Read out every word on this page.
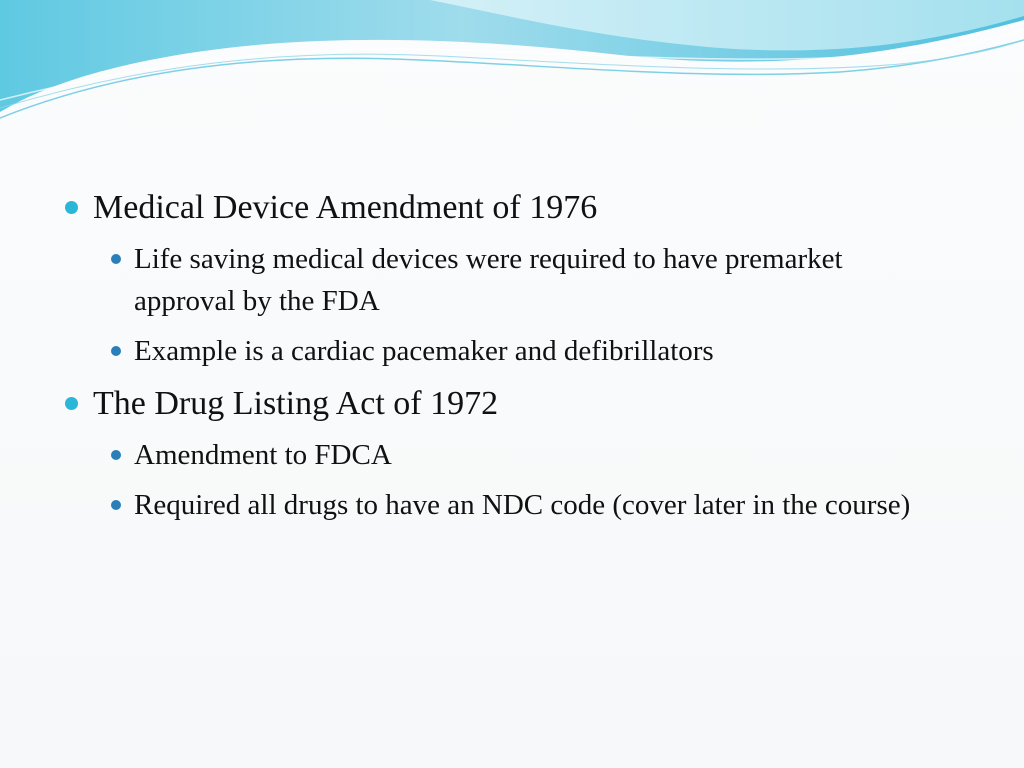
Medical Device Amendment of 1976
Life saving medical devices were required to have premarket approval by the FDA
Example is a cardiac pacemaker and defibrillators
The Drug Listing Act of 1972
Amendment to FDCA
Required all drugs to have an NDC code (cover later in the course)
